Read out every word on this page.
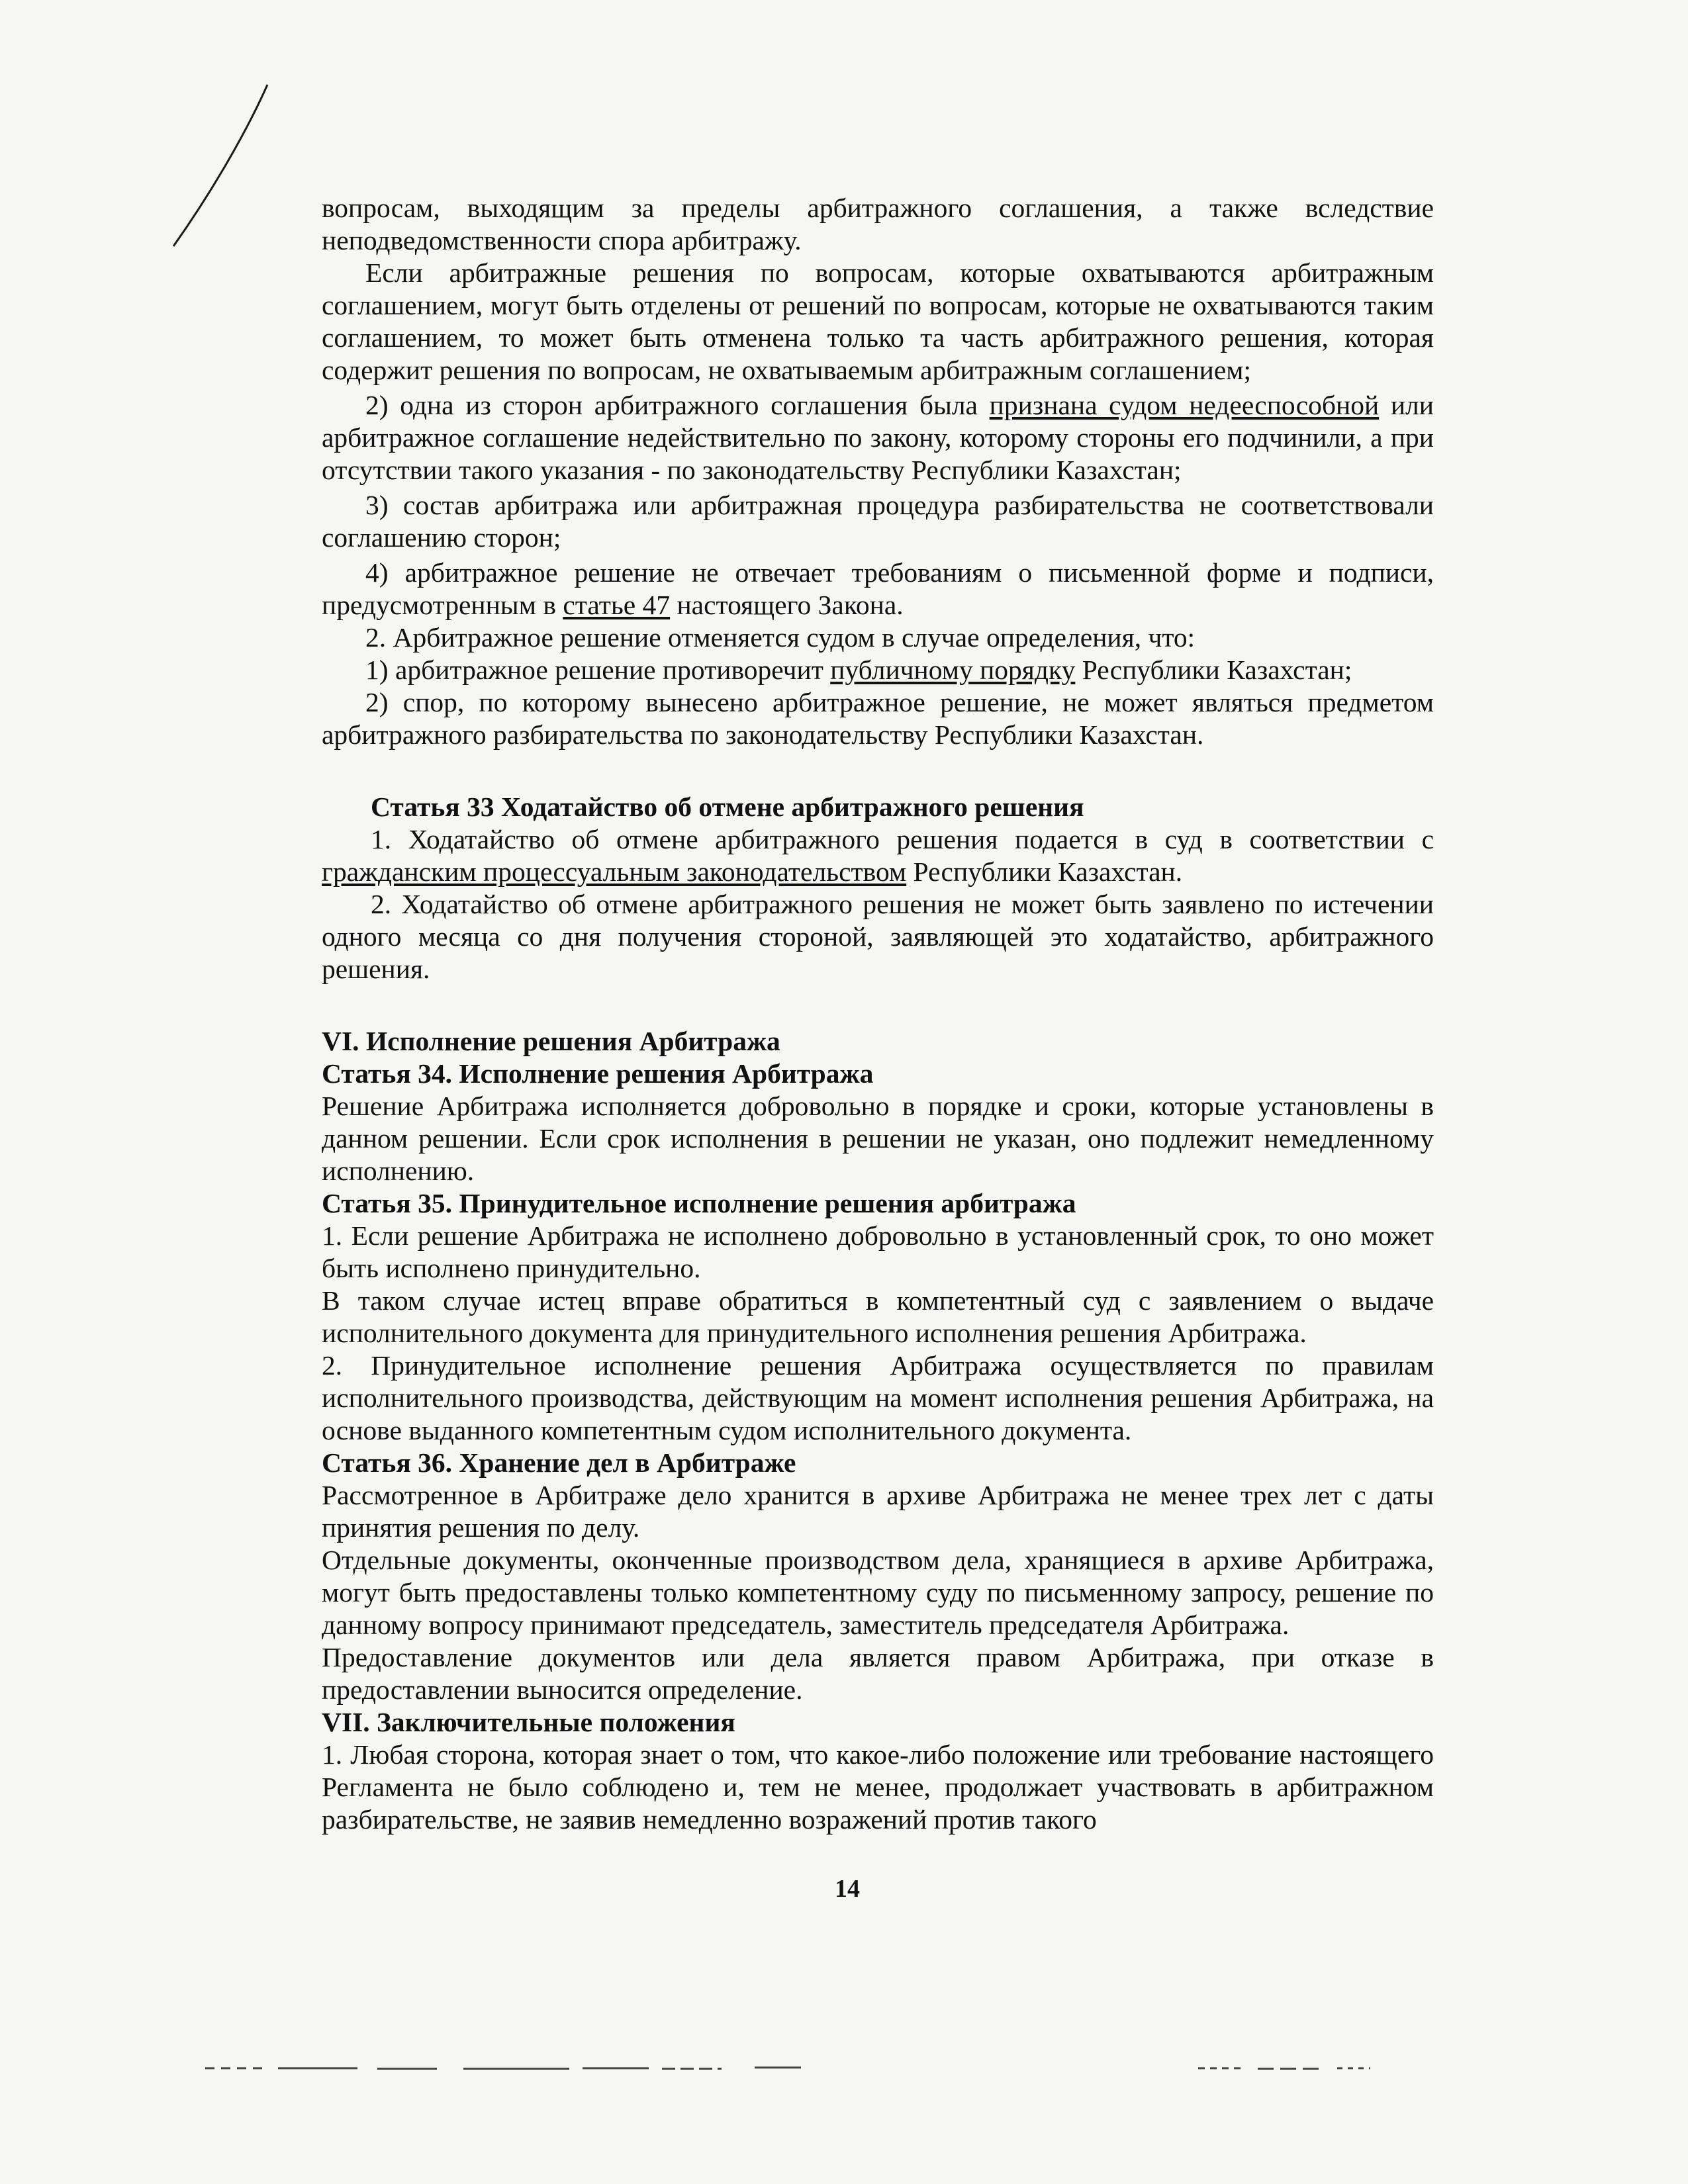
вопросам, выходящим за пределы арбитражного соглашения, а также вследствие неподведомственности спора арбитражу.

Если арбитражные решения по вопросам, которые охватываются арбитражным соглашением, могут быть отделены от решений по вопросам, которые не охватываются таким соглашением, то может быть отменена только та часть арбитражного решения, которая содержит решения по вопросам, не охватываемым арбитражным соглашением;

2) одна из сторон арбитражного соглашения была признана судом недееспособной или арбитражное соглашение недействительно по закону, которому стороны его подчинили, а при отсутствии такого указания - по законодательству Республики Казахстан;

3) состав арбитража или арбитражная процедура разбирательства не соответствовали соглашению сторон;

4) арбитражное решение не отвечает требованиям о письменной форме и подписи, предусмотренным в статье 47 настоящего Закона.

2. Арбитражное решение отменяется судом в случае определения, что:

1) арбитражное решение противоречит публичному порядку Республики Казахстан;

2) спор, по которому вынесено арбитражное решение, не может являться предметом арбитражного разбирательства по законодательству Республики Казахстан.

Статья 33 Ходатайство об отмене арбитражного решения

1. Ходатайство об отмене арбитражного решения подается в суд в соответствии с гражданским процессуальным законодательством Республики Казахстан.

2. Ходатайство об отмене арбитражного решения не может быть заявлено по истечении одного месяца со дня получения стороной, заявляющей это ходатайство, арбитражного решения.

VI. Исполнение решения Арбитража

Статья 34. Исполнение решения Арбитража

Решение Арбитража исполняется добровольно в порядке и сроки, которые установлены в данном решении. Если срок исполнения в решении не указан, оно подлежит немедленному исполнению.

Статья 35. Принудительное исполнение решения арбитража

1. Если решение Арбитража не исполнено добровольно в установленный срок, то оно может быть исполнено принудительно.

В таком случае истец вправе обратиться в компетентный суд с заявлением о выдаче исполнительного документа для принудительного исполнения решения Арбитража.

2. Принудительное исполнение решения Арбитража осуществляется по правилам исполнительного производства, действующим на момент исполнения решения Арбитража, на основе выданного компетентным судом исполнительного документа.

Статья 36. Хранение дел в Арбитраже

Рассмотренное в Арбитраже дело хранится в архиве Арбитража не менее трех лет с даты принятия решения по делу.

Отдельные документы, оконченные производством дела, хранящиеся в архиве Арбитража, могут быть предоставлены только компетентному суду по письменному запросу, решение по данному вопросу принимают председатель, заместитель председателя Арбитража.

Предоставление документов или дела является правом Арбитража, при отказе в предоставлении выносится определение.

VII. Заключительные положения

1. Любая сторона, которая знает о том, что какое-либо положение или требование настоящего Регламента не было соблюдено и, тем не менее, продолжает участвовать в арбитражном разбирательстве, не заявив немедленно возражений против такого

14
